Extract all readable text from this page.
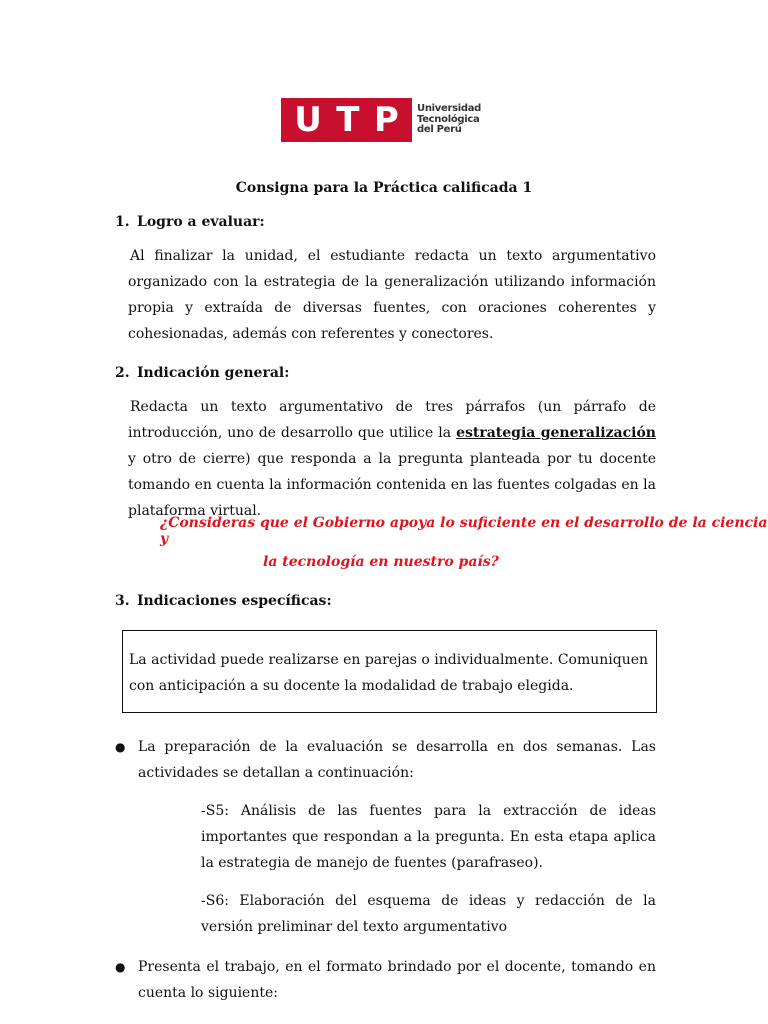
U T P Universidad
Tecnológica
del Perú
Consigna para la Práctica calificada 1
1. Logro a evaluar:
Al finalizar la unidad, el estudiante redacta un texto argumentativo organizado con la estrategia de la generalización utilizando información propia y extraída de diversas fuentes, con oraciones coherentes y cohesionadas, además con referentes y conectores.
2. Indicación general:
Redacta un texto argumentativo de tres párrafos (un párrafo de introducción, uno de desarrollo que utilice la estrategia generalización y otro de cierre) que responda a la pregunta planteada por tu docente tomando en cuenta la información contenida en las fuentes colgadas en la plataforma virtual.
¿Consideras que el Gobierno apoya lo suficiente en el desarrollo de la ciencia y
la tecnología en nuestro país?
3. Indicaciones específicas:
La actividad puede realizarse en parejas o individualmente. Comuniquen con anticipación a su docente la modalidad de trabajo elegida.
● La preparación de la evaluación se desarrolla en dos semanas. Las actividades se detallan a continuación:
-S5: Análisis de las fuentes para la extracción de ideas importantes que respondan a la pregunta. En esta etapa aplica la estrategia de manejo de fuentes (parafraseo).
-S6: Elaboración del esquema de ideas y redacción de la versión preliminar del texto argumentativo
● Presenta el trabajo, en el formato brindado por el docente, tomando en cuenta lo siguiente:
